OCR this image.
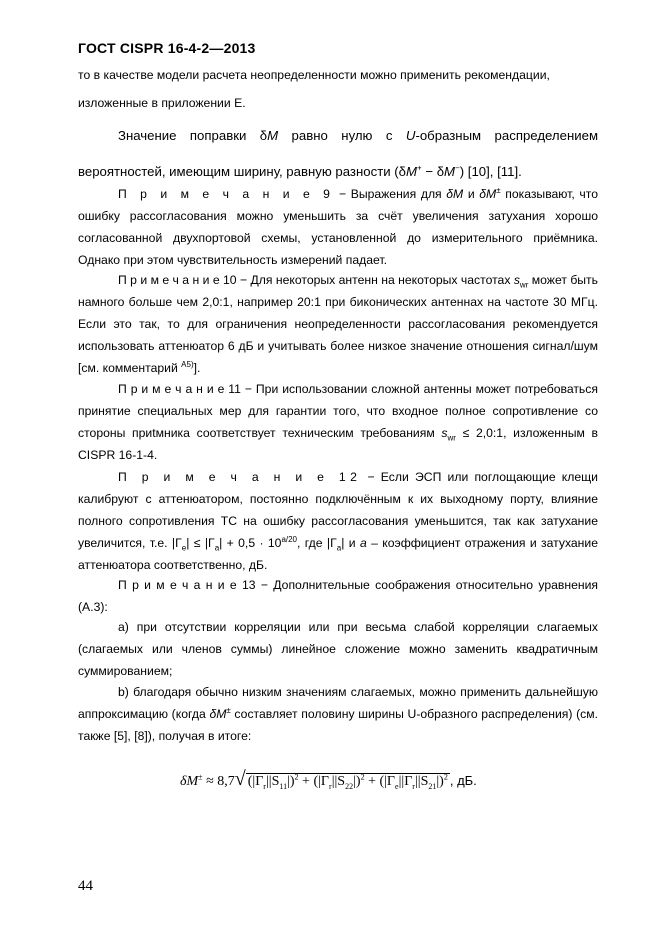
ГОСТ CISPR 16-4-2—2013
то в качестве модели расчета неопределенности можно применить рекомендации,
изложенные в приложении Е.
Значение поправки δM равно нулю с U-образным распределением вероятностей, имеющим ширину, равную разности (δM+ − δM−) [10], [11].
П р и м е ч а н и е 9 − Выражения для δM и δM± показывают, что ошибку рассогласования можно уменьшить за счёт увеличения затухания хорошо согласованной двухпортовой схемы, установленной до измерительного приёмника. Однако при этом чувствительность измерений падает.
П р и м е ч а н и е 10 − Для некоторых антенн на некоторых частотах $s_{wr}$ может быть намного больше чем 2,0:1, например 20:1 при биконических антеннах на частоте 30 МГц. Если это так, то для ограничения неопределенности рассогласования рекомендуется использовать аттенюатор 6 дБ и учитывать более низкое значение отношения сигнал/шум [см. комментарий $^{А5)}$].
П р и м е ч а н и е 11 − При использовании сложной антенны может потребоваться принятие специальных мер для гарантии того, что входное полное сопротивление со стороны приtмника соответствует техническим требованиям $s_{wr}$ ≤ 2,0:1, изложенным в CISPR 16-1-4.
П р и м е ч а н и е 12 − Если ЭСП или поглощающие клещи калибруют с аттенюатором, постоянно подключённым к их выходному порту, влияние полного сопротивления ТС на ошибку рассогласования уменьшится, так как затухание увеличится, т.е. $|\Gamma_e| \le |\Gamma_a| + 0,5 \cdot 10^{a/20}$, где $|\Gamma_a|$ и a – коэффициент отражения и затухание аттенюатора соответственно, дБ.
П р и м е ч а н и е 13 − Дополнительные соображения относительно уравнения (А.3):
a) при отсутствии корреляции или при весьма слабой корреляции слагаемых (слагаемых или членов суммы) линейное сложение можно заменить квадратичным суммированием;
b) благодаря обычно низким значениям слагаемых, можно применить дальнейшую аппроксимацию (когда δM± составляет половину ширины U-образного распределения) (см. также [5], [8]), получая в итоге:
δM± ≈ 8,7√ $(|\Gamma_r||S_{11}|)^2 + (|\Gamma_r||S_{22}|)^2 + (|\Gamma_e||\Gamma_r||S_{21}|)^2$ , дБ.
44
